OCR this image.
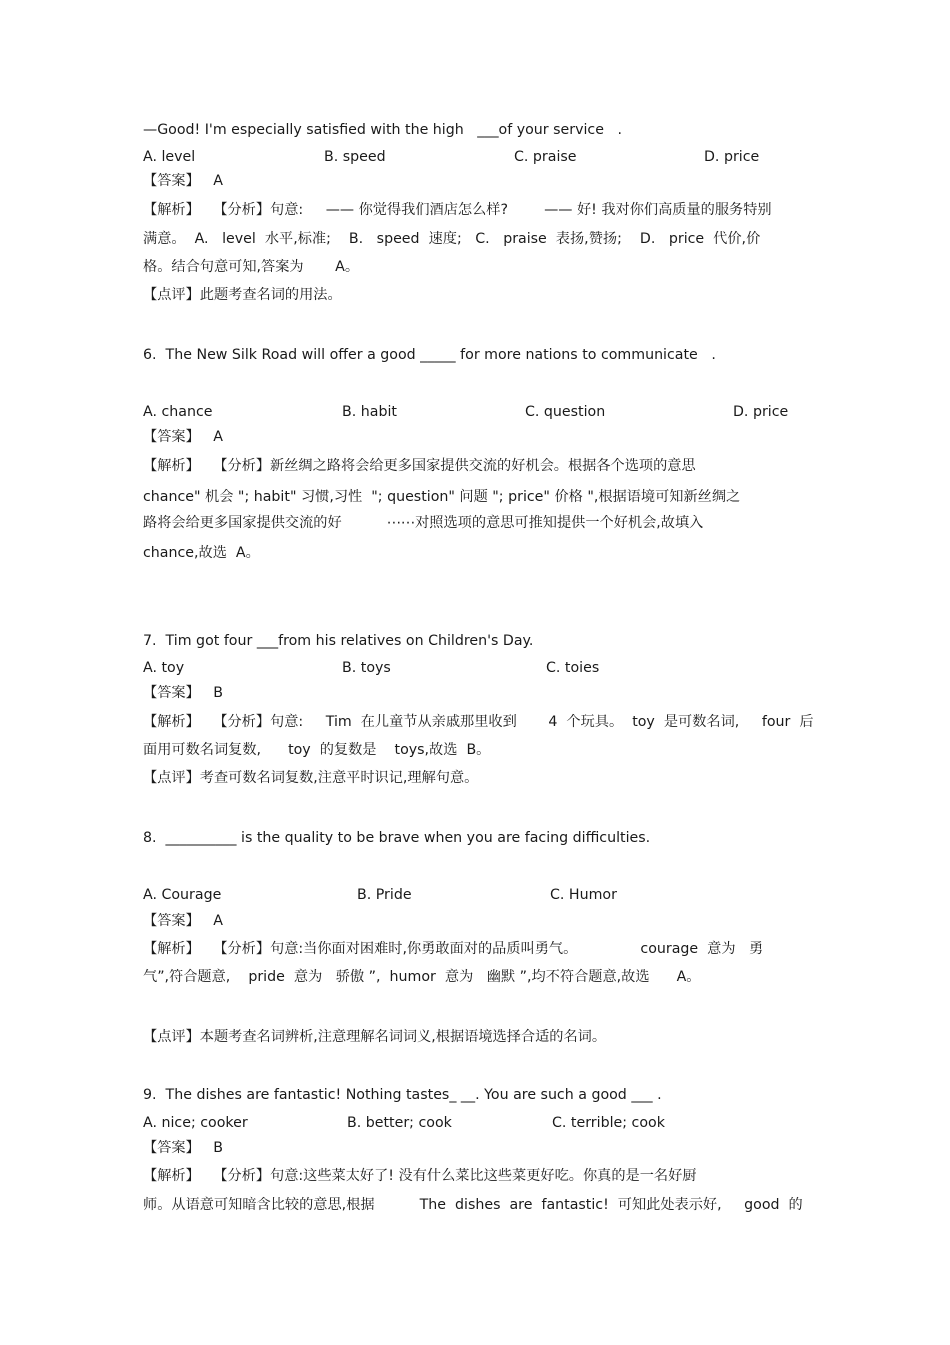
—Good! I'm especially satisfied with the high   ___of your service   .
A. level	B. speed	C. praise	D. price
【答案】   A
【解析】   【分析】句意:     —— 你觉得我们酒店怎么样?        —— 好! 我对你们高质量的服务特别
满意。  A.   level  水平,标准;    B.   speed  速度;   C.   praise  表扬,赞扬;    D.   price  代价,价
格。结合句意可知,答案为       A。
【点评】此题考查名词的用法。
6.  The New Silk Road will offer a good _____ for more nations to communicate   .
A. chance	B. habit	C. question	D. price
【答案】   A
【解析】   【分析】新丝绸之路将会给更多国家提供交流的好机会。根据各个选项的意思
chance" 机会 "; habit" 习惯,习性  "; question" 问题 "; price" 价格 ",根据语境可知新丝绸之
路将会给更多国家提供交流的好          ⋯⋯对照选项的意思可推知提供一个好机会,故填入
chance,故选  A。
7.  Tim got four ___from his relatives on Children's Day.
A. toy	B. toys	C. toies
【答案】   B
【解析】   【分析】句意:     Tim  在儿童节从亲戚那里收到       4  个玩具。  toy  是可数名词,     four  后
面用可数名词复数,      toy  的复数是    toys,故选  B。
【点评】考查可数名词复数,注意平时识记,理解句意。
8.  __________ is the quality to be brave when you are facing difficulties.
A. Courage	B. Pride	C. Humor
【答案】   A
【解析】   【分析】句意:当你面对困难时,你勇敢面对的品质叫勇气。              courage  意为   勇
气”,符合题意,    pride  意为   骄傲 ”,  humor  意为   幽默 ”,均不符合题意,故选      A。
【点评】本题考查名词辨析,注意理解名词词义,根据语境选择合适的名词。
9.  The dishes are fantastic! Nothing tastes_ __. You are such a good ___ .
A. nice; cooker	B. better; cook	C. terrible; cook
【答案】   B
【解析】   【分析】句意:这些菜太好了! 没有什么菜比这些菜更好吃。你真的是一名好厨
师。从语意可知暗含比较的意思,根据          The  dishes  are  fantastic!  可知此处表示好,     good  的
